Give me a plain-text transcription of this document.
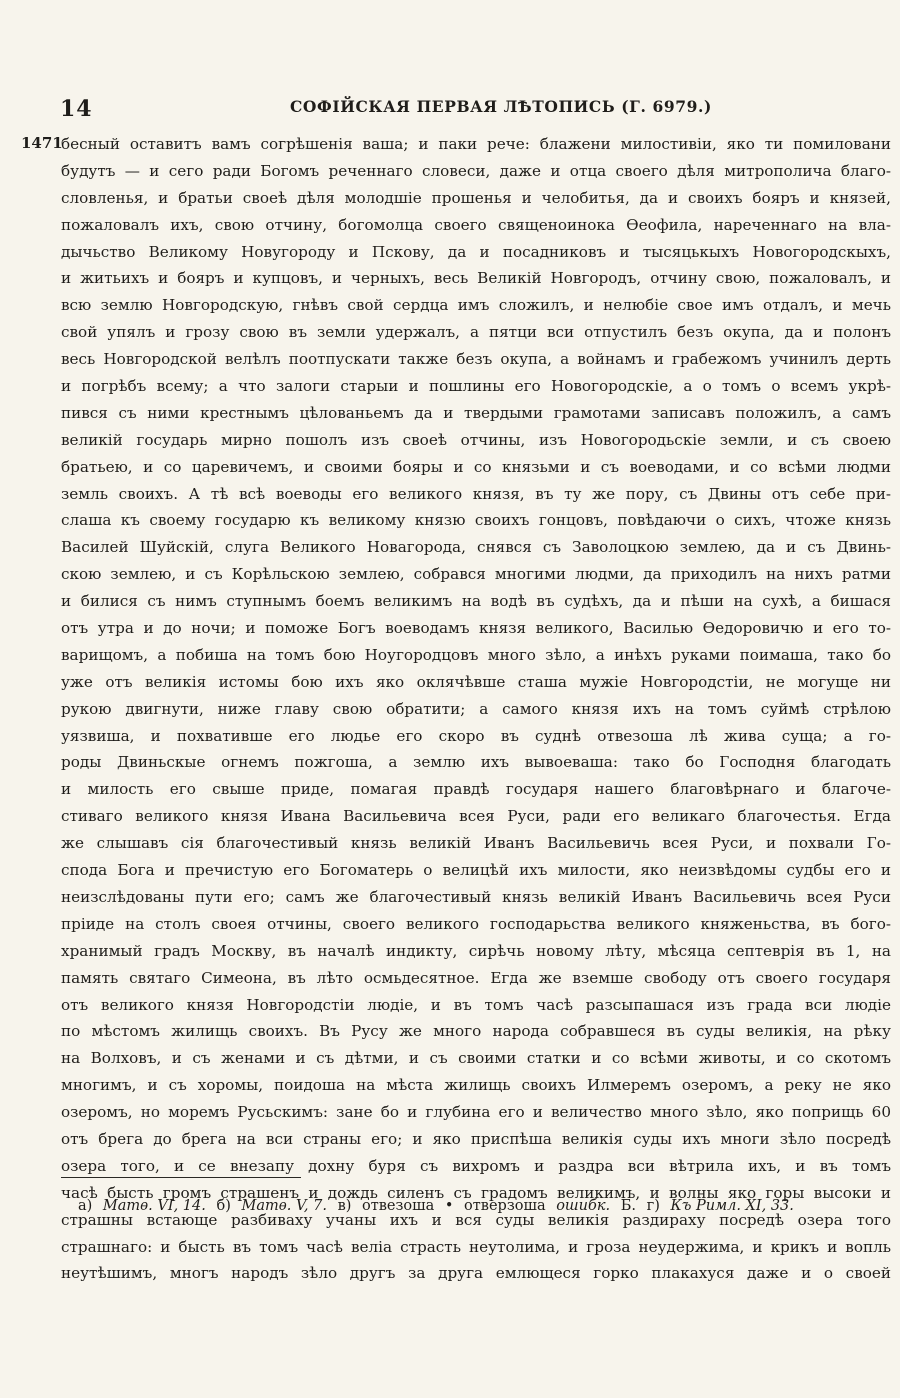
14	СОФІЙСКАЯ ПЕРВАЯ ЛѢТОПИСЬ (Г. 6979.)
1471
бесный оставитъ вамъ согрѣшенія ваша; и паки рече: блажени милостивіи, яко ти помиловани
будутъ — и сего ради Богомъ реченнаго словеси, даже и отца своего дѣля митрополича благо-
словленья, и братьи своеѣ дѣля молодшіе прошенья и челобитья, да и своихъ бояръ и князей,
пожаловалъ ихъ, свою отчину, богомолца своего священоинока Ѳеофила, нареченнаго на вла-
дычьство Великому Новугороду и Пскову, да и посадниковъ и тысяцькыхъ Новогородскыхъ,
и житьихъ и бояръ и купцовъ, и черныхъ, весь Великій Новгородъ, отчину свою, пожаловалъ, и
всю землю Новгородскую, гнѣвъ свой сердца имъ сложилъ, и нелюбіе свое имъ отдалъ, и мечь
свой упялъ и грозу свою въ земли удержалъ, а пятци вси отпустилъ безъ окупа, да и полонъ
весь Новгородской велѣлъ поотпускати также безъ окупа, а войнамъ и грабежомъ учинилъ дерть
и погрѣбъ всему; а что залоги старыи и пошлины его Новогородскіе, а о томъ о всемъ укрѣ-
пився съ ними крестнымъ цѣлованьемъ да и твердыми грамотами записавъ положилъ, а самъ
великій государь мирно пошолъ изъ своеѣ отчины, изъ Новогородьскіе земли, и съ своею
братьею, и со царевичемъ, и своими бояры и со князьми и съ воеводами, и со всѣми людми
земль своихъ. А тѣ всѣ воеводы его великого князя, въ ту же пору, съ Двины отъ себе при-
слаша къ своему государю къ великому князю своихъ гонцовъ, повѣдаючи о сихъ, чтоже князь
Василей Шуйскій, слуга Великого Новагорода, снявся съ Заволоцкою землею, да и съ Двинь-
скою землею, и съ Корѣльскою землею, собрався многими людми, да приходилъ на нихъ ратми
и билися съ нимъ ступнымъ боемъ великимъ на водѣ въ судѣхъ, да и пѣши на сухѣ, а бишася
отъ утра и до ночи; и поможе Богъ воеводамъ князя великого, Василью Ѳедоровичю и его то-
варищомъ, а побиша на томъ бою Ноугородцовъ много зѣло, а инѣхъ руками поимаша, тако бо
уже отъ великія истомы бою ихъ яко оклячѣвше сташа мужіе Новгородстіи, не могуще ни
рукою двигнути, ниже главу свою обратити; а самого князя ихъ на томъ суймѣ стрѣлою
уязвиша, и похвативше его людье его скоро въ суднѣ отвезоша лѣ жива суща; а го-
роды Двиньскые огнемъ пожгоша, а землю ихъ вывоеваша: тако бо Господня благодать
и милость его свыше приде, помагая правдѣ государя нашего благовѣрнаго и благоче-
стиваго великого князя Ивана Васильевича всея Руси, ради его великаго благочестья. Егда
же слышавъ сія благочестивый князь великій Иванъ Васильевичь всея Руси, и похвали Го-
спода Бога и пречистую его Богоматерь о велицѣй ихъ милости, яко неизвѣдомы судбы его и
неизслѣдованы пути его; самъ же благочестивый князь великій Иванъ Васильевичь всея Руси
пріиде на столъ своея отчины, своего великого господарьства великого княженьства, въ бого-
хранимый градъ Москву, въ началѣ индикту, сирѣчь новому лѣту, мѣсяца септеврія въ 1, на
память святаго Симеона, въ лѣто осмьдесятное. Егда же вземше свободу отъ своего государя
отъ великого князя Новгородстіи людіе, и въ томъ часѣ разсыпашася изъ града вси людіе
по мѣстомъ жилищь своихъ. Въ Русу же много народа собравшеся въ суды великія, на рѣку
на Волховъ, и съ женами и съ дѣтми, и съ своими статки и со всѣми животы, и со скотомъ
многимъ, и съ хоромы, поидоша на мѣста жилищь своихъ Илмеремъ озеромъ, а реку не яко
озеромъ, но моремъ Русьскимъ: зане бо и глубина его и величество много зѣло, яко поприщь 60
отъ брега до брега на вси страны его; и яко приспѣша великія суды ихъ многи зѣло посредѣ
озера того, и се внезапу дохну буря съ вихромъ и раздра вси вѣтрила ихъ, и въ томъ
часѣ бысть громъ страшенъ и дождь силенъ съ градомъ великимъ, и волны яко горы высоки и
страшны встающе разбиваху учаны ихъ и вся суды великія раздираху посредѣ озера того
страшнаго: и бысть въ томъ часѣ веліа страсть неутолима, и гроза неудержима, и крикъ и вопль
неутѣшимъ, многъ народъ зѣло другъ за друга емлющеся горко плакахуся даже и о своей
а) Матѳ. VI, 14. б) Матѳ. V, 7. в) отвезоша • отверзоша ошибк. Б. г) Къ Римл. XI, 33.
